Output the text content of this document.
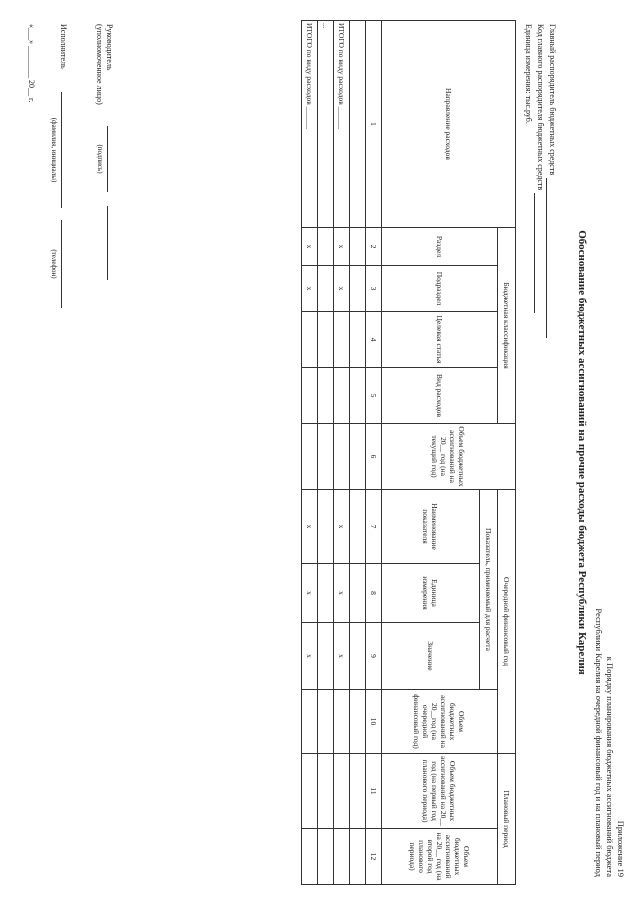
Приложение 19
к Порядку планирования бюджетных ассигнований бюджета
Республики Карелия на очередной финансовый год и на плановый период
Обоснование бюджетных ассигнований на прочие расходы бюджета Республики Карелия
Главный распорядитель бюджетных средств
Код главного распорядителя бюджетных средств
Единица измерения: тыс.руб.
Направление расходов	Бюджетная классификация				Объем бюджетных ассигнований на 20__ год (на текущий год)	Очередной финансовый год				Плановый период	
	Раздел	Подраздел	Целевая статья	Вид расходов		Показатель, применяемый для расчета			Объем бюджетных ассигнований на 20__год (на очередной финансовый год)	Объем бюджетных ассигнований на 20__ год (на первый год планового периода)	Объем бюджетных ассигнований на 20__ год (на второй год планового периода)
						Наименование показателя	Единица измерения	Значение			
1	2	3	4	5	6	7	8	9	10	11	12

ИТОГО по виду расходов ______	х	х				х	х	х			
...											
ИТОГО по виду расходов ______	х	х				х	х	х			
Руководитель
(уполномоченное лицо)
(подпись)
Исполнитель
(фамилия, инициалы)
(телефон)
«___» ________ 20__ г.
